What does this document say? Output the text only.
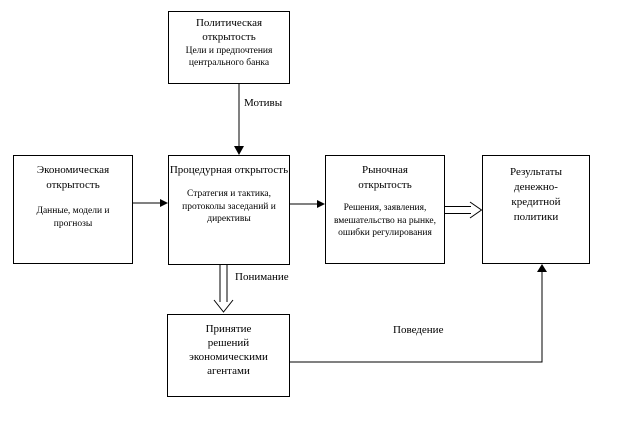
Политическая открытость
Цели и предпочтения центрального банка
Экономическая открытость
Данные, модели и прогнозы
Процедурная открытость
Стратегия и тактика, протоколы заседаний и директивы
Рыночная открытость
Решения, заявления, вмешательство на рынке, ошибки регулирования
Результаты денежно-кредитной политики
Принятие решений экономическими агентами
Мотивы
Понимание
Поведение
